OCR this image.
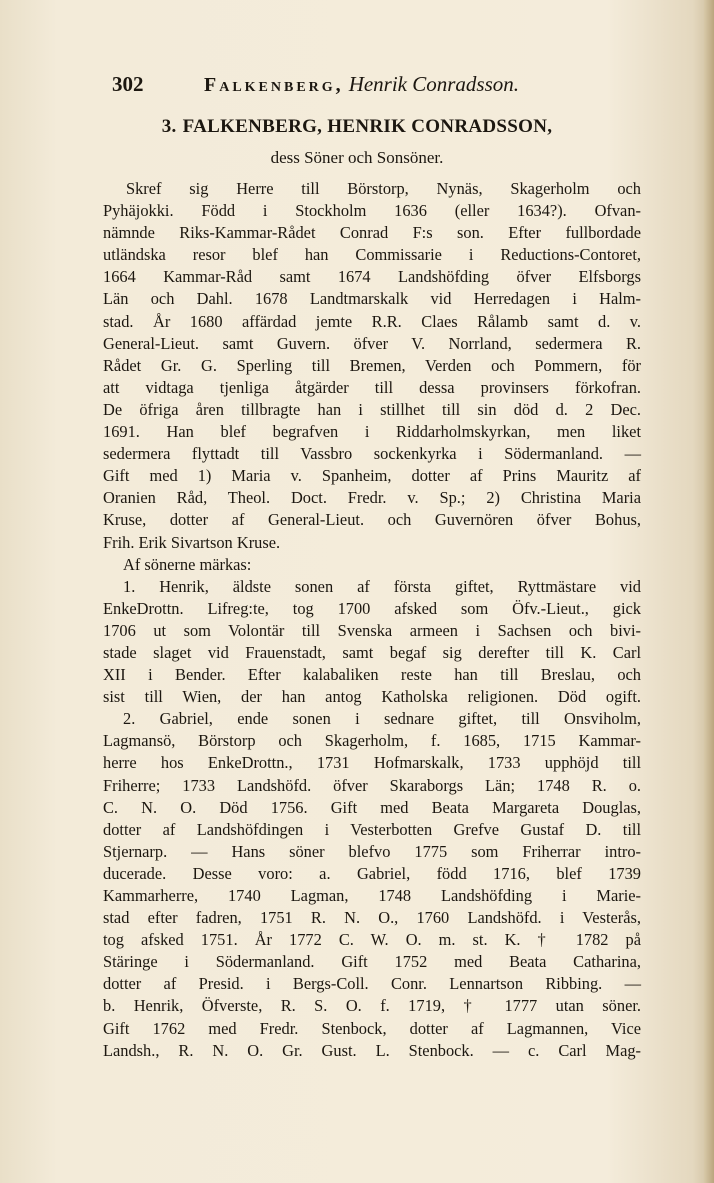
302	Falkenberg, Henrik Conradsson.
3. FALKENBERG, HENRIK CONRADSSON,
dess Söner och Sonsöner.
Skref sig Herre till Börstorp, Nynäs, Skagerholm och
Pyhäjokki. Född i Stockholm 1636 (eller 1634?). Ofvan-
nämnde Riks-Kammar-Rådet Conrad F:s son. Efter fullbordade
utländska resor blef han Commissarie i Reductions-Contoret,
1664 Kammar-Råd samt 1674 Landshöfding öfver Elfsborgs
Län och Dahl. 1678 Landtmarskalk vid Herredagen i Halm-
stad. År 1680 affärdad jemte R.R. Claes Rålamb samt d. v.
General-Lieut. samt Guvern. öfver V. Norrland, sedermera R.
Rådet Gr. G. Sperling till Bremen, Verden och Pommern, för
att vidtaga tjenliga åtgärder till dessa provinsers förkofran.
De öfriga åren tillbragte han i stillhet till sin död d. 2 Dec.
1691. Han blef begrafven i Riddarholmskyrkan, men liket
sedermera flyttadt till Vassbro sockenkyrka i Södermanland. —
Gift med 1) Maria v. Spanheim, dotter af Prins Mauritz af
Oranien Råd, Theol. Doct. Fredr. v. Sp.; 2) Christina Maria
Kruse, dotter af General-Lieut. och Guvernören öfver Bohus,
Frih. Erik Sivartson Kruse.
Af sönerne märkas:
1. Henrik, äldste sonen af första giftet, Ryttmästare vid
EnkeDrottn. Lifreg:te, tog 1700 afsked som Öfv.-Lieut., gick
1706 ut som Volontär till Svenska armeen i Sachsen och bivi-
stade slaget vid Frauenstadt, samt begaf sig derefter till K. Carl
XII i Bender. Efter kalabaliken reste han till Breslau, och
sist till Wien, der han antog Katholska religionen. Död ogift.
2. Gabriel, ende sonen i sednare giftet, till Onsviholm,
Lagmansö, Börstorp och Skagerholm, f. 1685, 1715 Kammar-
herre hos EnkeDrottn., 1731 Hofmarskalk, 1733 upphöjd till
Friherre; 1733 Landshöfd. öfver Skaraborgs Län; 1748 R. o.
C. N. O. Död 1756. Gift med Beata Margareta Douglas,
dotter af Landshöfdingen i Vesterbotten Grefve Gustaf D. till
Stjernarp. — Hans söner blefvo 1775 som Friherrar intro-
ducerade. Desse voro: a. Gabriel, född 1716, blef 1739
Kammarherre, 1740 Lagman, 1748 Landshöfding i Marie-
stad efter fadren, 1751 R. N. O., 1760 Landshöfd. i Vesterås,
tog afsked 1751. År 1772 C. W. O. m. st. K. † 1782 på
Stäringe i Södermanland. Gift 1752 med Beata Catharina,
dotter af Presid. i Bergs-Coll. Conr. Lennartson Ribbing. —
b. Henrik, Öfverste, R. S. O. f. 1719, † 1777 utan söner.
Gift 1762 med Fredr. Stenbock, dotter af Lagmannen, Vice
Landsh., R. N. O. Gr. Gust. L. Stenbock. — c. Carl Mag-
